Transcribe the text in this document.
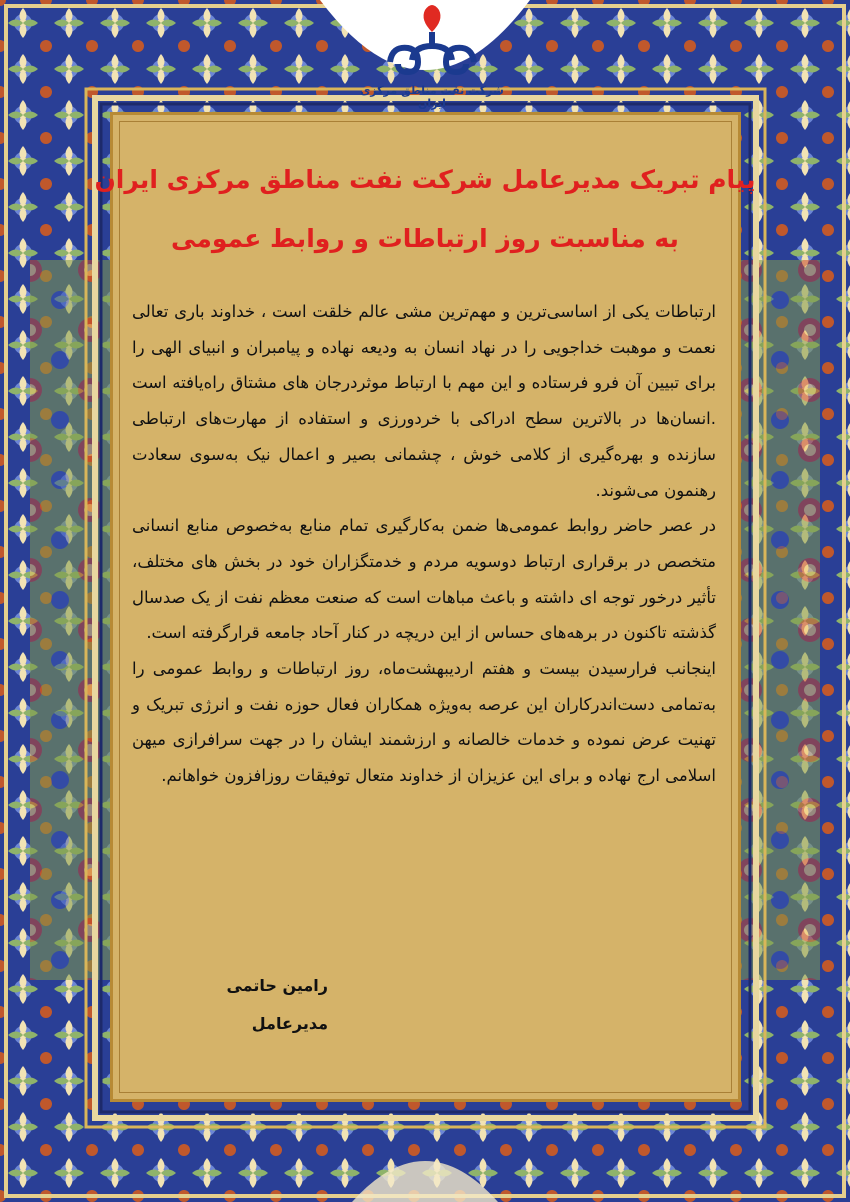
شرکت نفت مناطق مرکزی ایران
پیام تبریک مدیرعامل شرکت نفت مناطق مرکزی ایران
به مناسبت روز ارتباطات و روابط عمومی

ارتباطات یکی از اساسی‌ترین و مهم‌ترین مشی عالم خلقت است ، خداوند باری تعالی نعمت و موهبت خداجویی را در نهاد انسان به ودیعه نهاده و پیامبران و انبیای الهی را برای تبیین آن فرو فرستاده و این مهم با ارتباط موثردرجان های مشتاق راه‌یافته است .انسان‌ها در بالاترین سطح ادراکی با خردورزی و استفاده از مهارت‌های ارتباطی سازنده و بهره‌گیری از کلامی خوش ، چشمانی بصیر و اعمال نیک به‌سوی سعادت رهنمون می‌شوند.

در عصر حاضر روابط عمومی‌ها ضمن به‌کارگیری تمام منابع به‌خصوص منابع انسانی متخصص در برقراری ارتباط دوسویه مردم و خدمتگزاران خود در بخش های مختلف، تأثیر درخور توجه ای داشته و باعث مباهات است که صنعت معظم نفت از یک صدسال گذشته تاکنون در برهه‌های حساس از این دریچه در کنار آحاد جامعه قرارگرفته است.

اینجانب فرارسیدن بیست و هفتم اردیبهشت‌ماه، روز ارتباطات و روابط عمومی را به‌تمامی دست‌اندرکاران این عرصه به‌ویژه همکاران فعال حوزه نفت و انرژی تبریک و تهنیت عرض نموده و خدمات خالصانه و ارزشمند ایشان را در جهت سرافرازی میهن اسلامی ارج نهاده و برای این عزیزان از خداوند متعال توفیقات روزافزون خواهانم.

رامین حاتمی
مدیرعامل
